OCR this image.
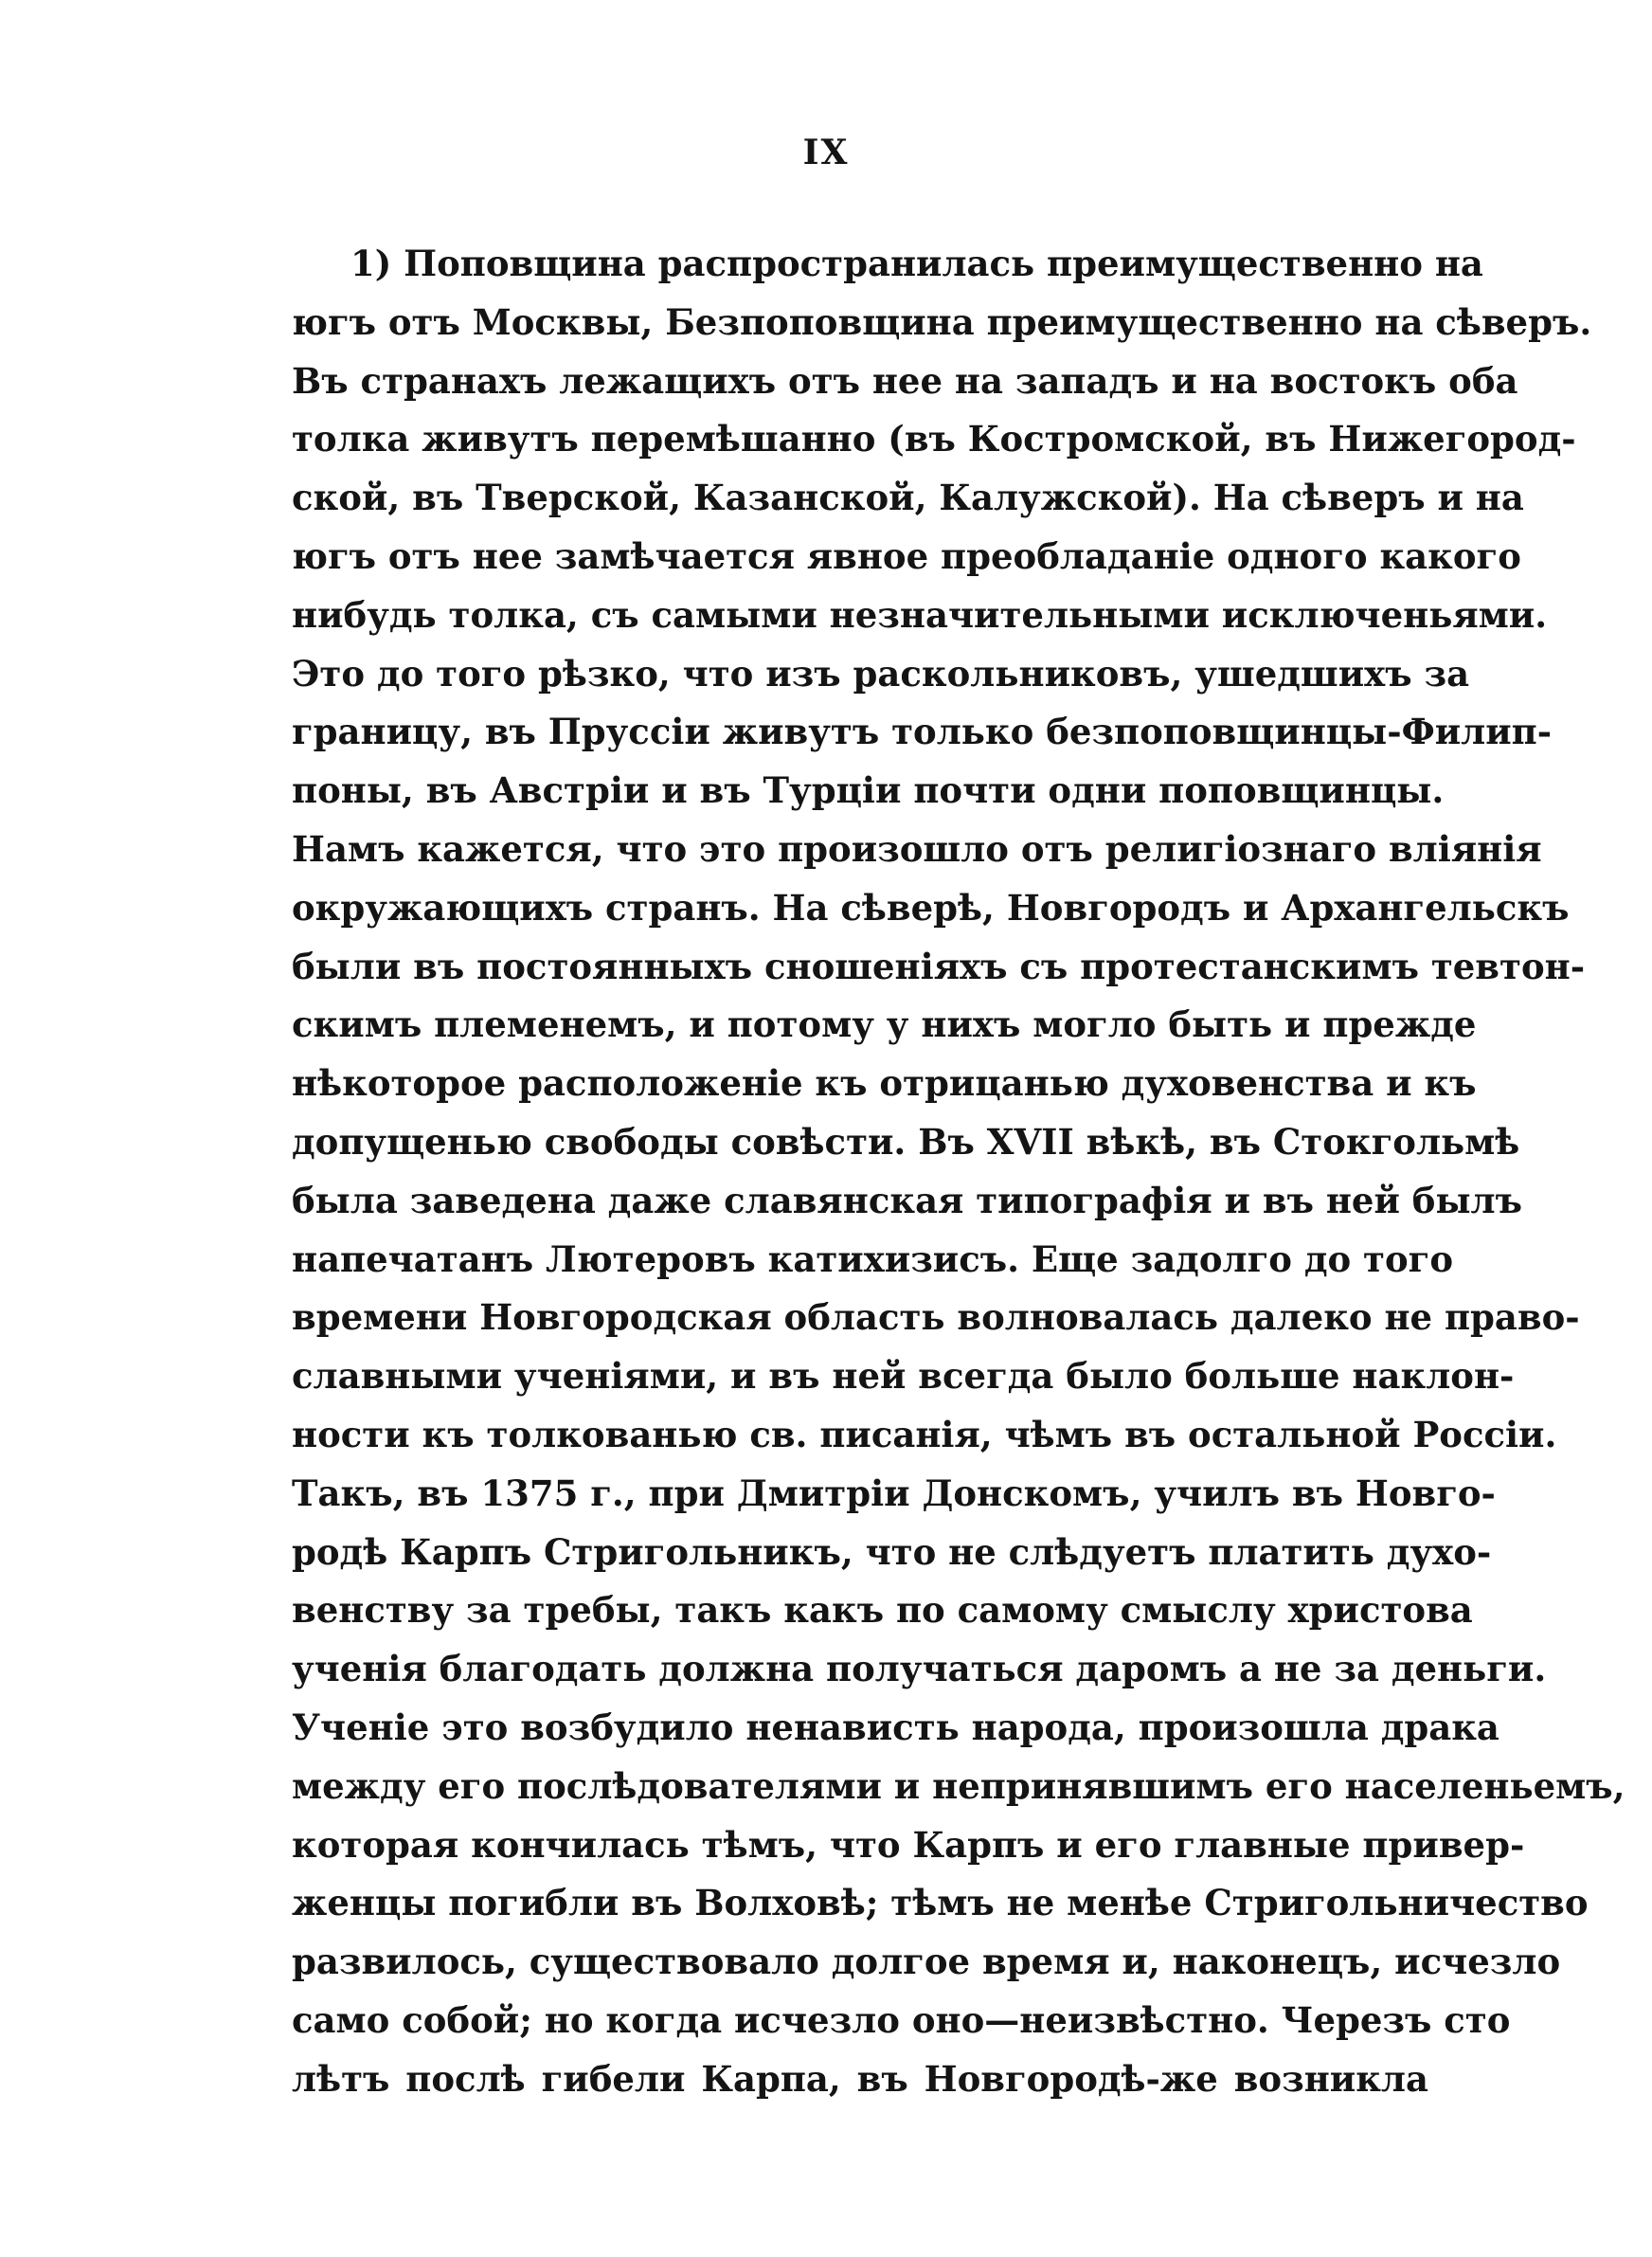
IX
1) Поповщина распространилась преимущественно на
югъ отъ Москвы, Безпоповщина преимущественно на сѣверъ.
Въ странахъ лежащихъ отъ нее на западъ и на востокъ оба
толка живутъ перемѣшанно (въ Костромской, въ Нижегород-
ской, въ Тверской, Казанской, Калужской). На сѣверъ и на
югъ отъ нее замѣчается явное преобладаніе одного какого
нибудь толка, съ самыми незначительными исключеньями.
Это до того рѣзко, что изъ раскольниковъ, ушедшихъ за
границу, въ Пруссіи живутъ только безпоповщинцы-Филип-
поны, въ Австріи и въ Турціи почти одни поповщинцы.
Намъ кажется, что это произошло отъ религіознаго вліянія
окружающихъ странъ. На сѣверѣ, Новгородъ и Архангельскъ
были въ постоянныхъ сношеніяхъ съ протестанскимъ тевтон-
скимъ племенемъ, и потому у нихъ могло быть и прежде
нѣкоторое расположеніе къ отрицанью духовенства и къ
допущенью свободы совѣсти. Въ XVII вѣкѣ, въ Стокгольмѣ
была заведена даже славянская типографія и въ ней былъ
напечатанъ Лютеровъ катихизисъ. Еще задолго до того
времени Новгородская область волновалась далеко не право-
славными ученіями, и въ ней всегда было больше наклон-
ности къ толкованью св. писанія, чѣмъ въ остальной Россіи.
Такъ, въ 1375 г., при Дмитріи Донскомъ, училъ въ Новго-
родѣ Карпъ Стригольникъ, что не слѣдуетъ платить духо-
венству за требы, такъ какъ по самому смыслу христова
ученія благодать должна получаться даромъ а не за деньги.
Ученіе это возбудило ненависть народа, произошла драка
между его послѣдователями и непринявшимъ его населеньемъ,
которая кончилась тѣмъ, что Карпъ и его главные привер-
женцы погибли въ Волховѣ; тѣмъ не менѣе Стригольничество
развилось, существовало долгое время и, наконецъ, исчезло
само собой; но когда исчезло оно—неизвѣстно. Черезъ сто
лѣтъ послѣ гибели Карпа, въ Новгородѣ-же возникла
